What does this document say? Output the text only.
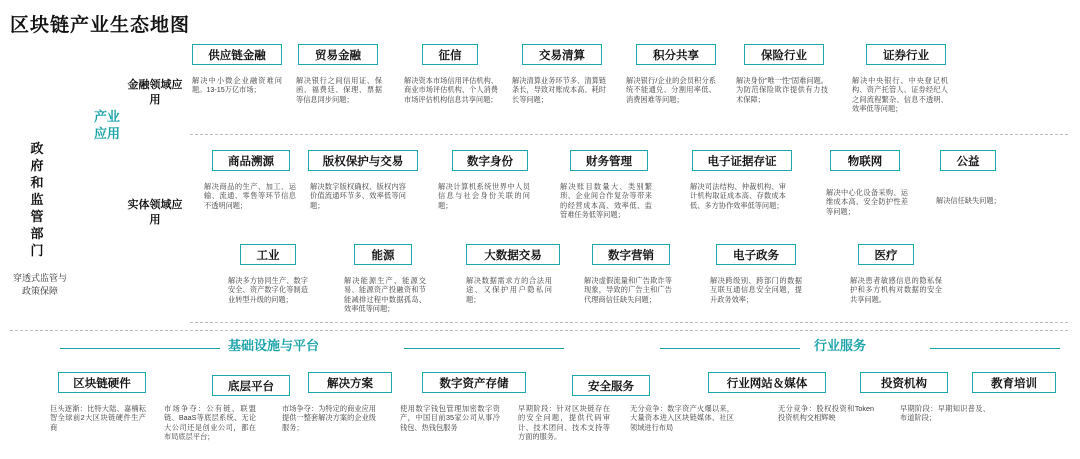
区块链产业生态地图
政府和监管部门
穿透式监管与政策保障
产业应用
金融领域应用
实体领域应用
供应链金融
解决中小微企业融资难问题。13-15万亿市场；
贸易金融
解决银行之间信用证、保函、福费廷、保理、票据等信息同步问题；
征信
解决资本市场信用评估机构、商业市场评估机构、个人消费市场评估机构信息共享问题；
交易清算
解决清算业务环节多、清算链条长，导致对账成本高、耗时长等问题；
积分共享
解决银行/企业的会员积分系统不能通兑、分割用率低、消费困难等问题；
保险行业
解决身份"唯一性"固难问题。为防范保险欺诈提供有力技术保障；
证券行业
解决中央银行、中央登记机构、资产托管人、证券经纪人之间流程繁杂、信息不透明、效率低等问题；
商品溯源
解决商品的生产、加工、运输、流通、零售等环节信息不透明问题；
版权保护与交易
解决数字版权确权、版权内容价值流通环节多、效率低等问题；
数字身份
解决计算机系统世界中人员信息与社会身份关联的问题；
财务管理
解决账目数量大、类别繁琐、企业间合作复杂等带来的经营成本高、效率低、监管难任务低等问题；
电子证据存证
解决司法结构、仲裁机构、审计机构取证成本高、存数成本低、多方协作效率低等问题；
物联网
解决中心化设备采购、运维成本高、安全防护性差等问题；
公益
解决信任缺失问题；
工业
解决多方协同生产、数字安全、资产数字化等制造业转型升级的问题；
能源
解决能源生产、能源交易、能源资产投融资和节能减排过程中数据孤岛、效率低等问题；
大数据交易
解决数据需求方的合法用途、又保护用户隐私问题；
数字营销
解决虚假流量和广告欺诈等现象，导致的广告主和广告代理商信任缺失问题；
电子政务
解决跨级别、跨部门的数据互联互通信息安全问题，提升政务效率；
医疗
解决患者敏感信息的隐私保护和多方机构对数据的安全共享问题。
基础设施与平台	行业服务
区块链硬件
巨头逐渐：比特大陆、嘉楠耘智全球前2大区块链硬件生产商
底层平台
市场争夺：公有链、联盟链、BaaS等底层系统、无论大公司还是创业公司，都在布局底层平台；
解决方案
市场争夺：为特定的商业应用提供一整套解决方案的企业级服务；
数字资产存储
使用数字钱包管理加密数字资产，中国目前35家公司从事冷钱包、热钱包服务
安全服务
早期阶段：针对区块链存在的安全问题，提供代码审计、技术团问、技术支持等方面的服务。
行业网站＆媒体
无分竞争：数字资产火爆以来，大量资本进入区块链媒体、社区领域进行布局
投资机构
无分竞争：股权投资和Token投资机构交相辉映
教育培训
早期阶段：早期知识普及、布道阶段；
